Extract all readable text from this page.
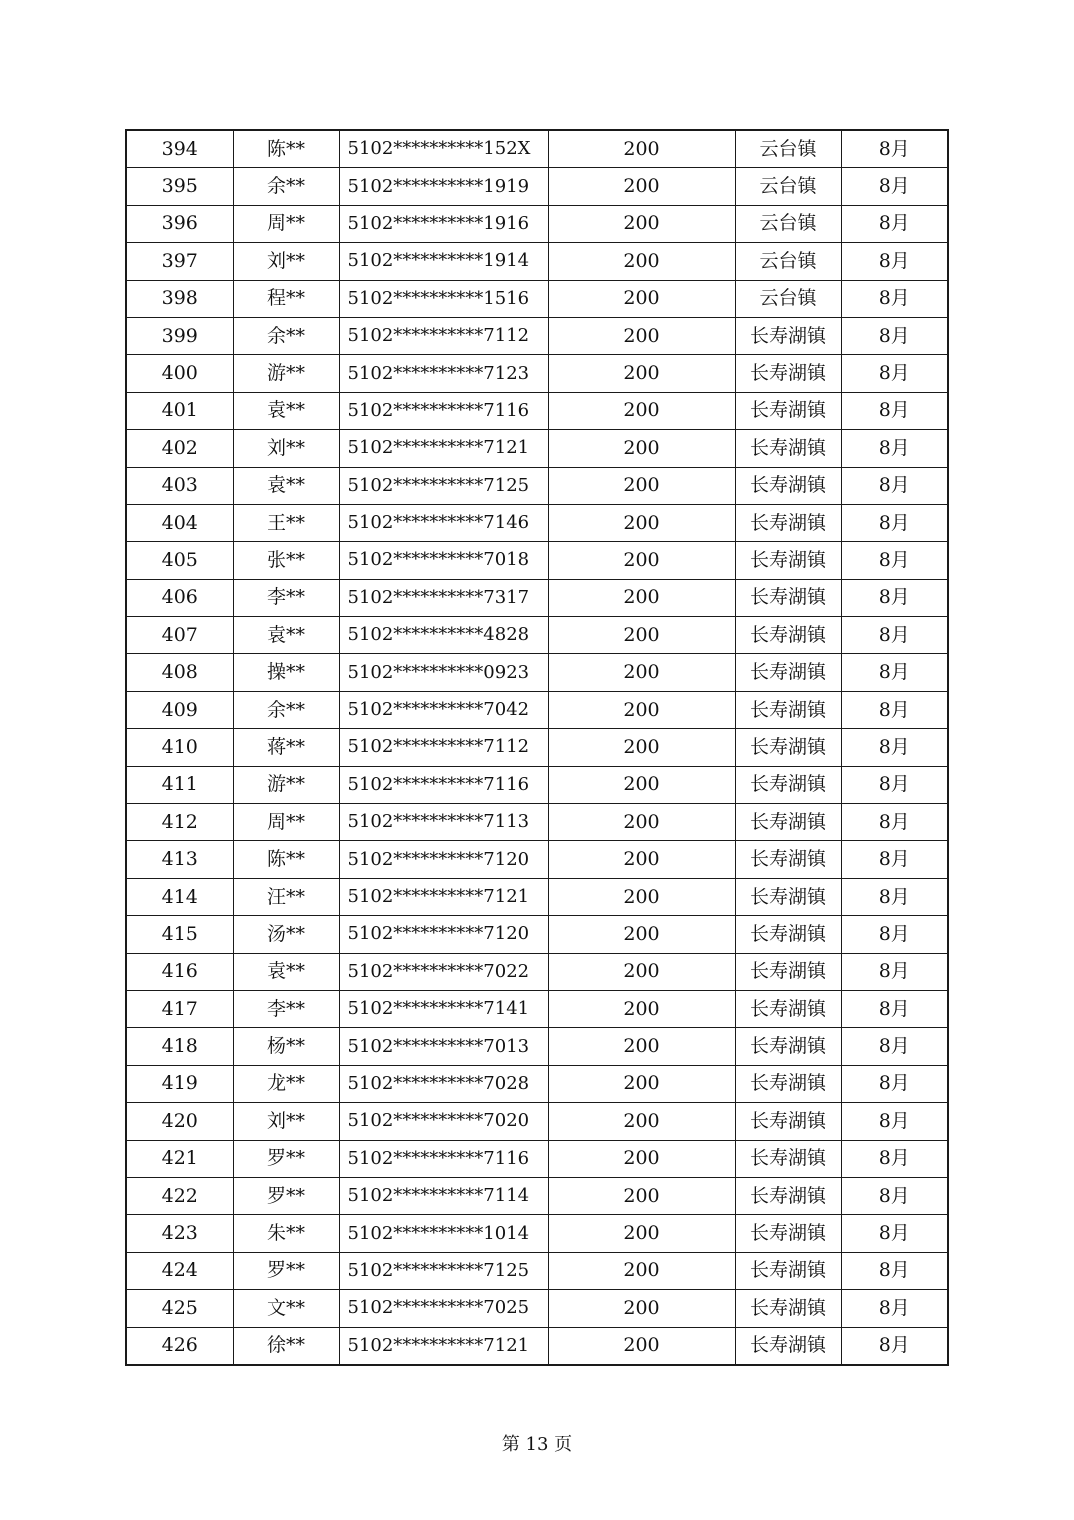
394	陈**	5102**********152X	200	云台镇	8月
395	余**	5102**********1919	200	云台镇	8月
396	周**	5102**********1916	200	云台镇	8月
397	刘**	5102**********1914	200	云台镇	8月
398	程**	5102**********1516	200	云台镇	8月
399	余**	5102**********7112	200	长寿湖镇	8月
400	游**	5102**********7123	200	长寿湖镇	8月
401	袁**	5102**********7116	200	长寿湖镇	8月
402	刘**	5102**********7121	200	长寿湖镇	8月
403	袁**	5102**********7125	200	长寿湖镇	8月
404	王**	5102**********7146	200	长寿湖镇	8月
405	张**	5102**********7018	200	长寿湖镇	8月
406	李**	5102**********7317	200	长寿湖镇	8月
407	袁**	5102**********4828	200	长寿湖镇	8月
408	操**	5102**********0923	200	长寿湖镇	8月
409	余**	5102**********7042	200	长寿湖镇	8月
410	蒋**	5102**********7112	200	长寿湖镇	8月
411	游**	5102**********7116	200	长寿湖镇	8月
412	周**	5102**********7113	200	长寿湖镇	8月
413	陈**	5102**********7120	200	长寿湖镇	8月
414	汪**	5102**********7121	200	长寿湖镇	8月
415	汤**	5102**********7120	200	长寿湖镇	8月
416	袁**	5102**********7022	200	长寿湖镇	8月
417	李**	5102**********7141	200	长寿湖镇	8月
418	杨**	5102**********7013	200	长寿湖镇	8月
419	龙**	5102**********7028	200	长寿湖镇	8月
420	刘**	5102**********7020	200	长寿湖镇	8月
421	罗**	5102**********7116	200	长寿湖镇	8月
422	罗**	5102**********7114	200	长寿湖镇	8月
423	朱**	5102**********1014	200	长寿湖镇	8月
424	罗**	5102**********7125	200	长寿湖镇	8月
425	文**	5102**********7025	200	长寿湖镇	8月
426	徐**	5102**********7121	200	长寿湖镇	8月
第 13 页
